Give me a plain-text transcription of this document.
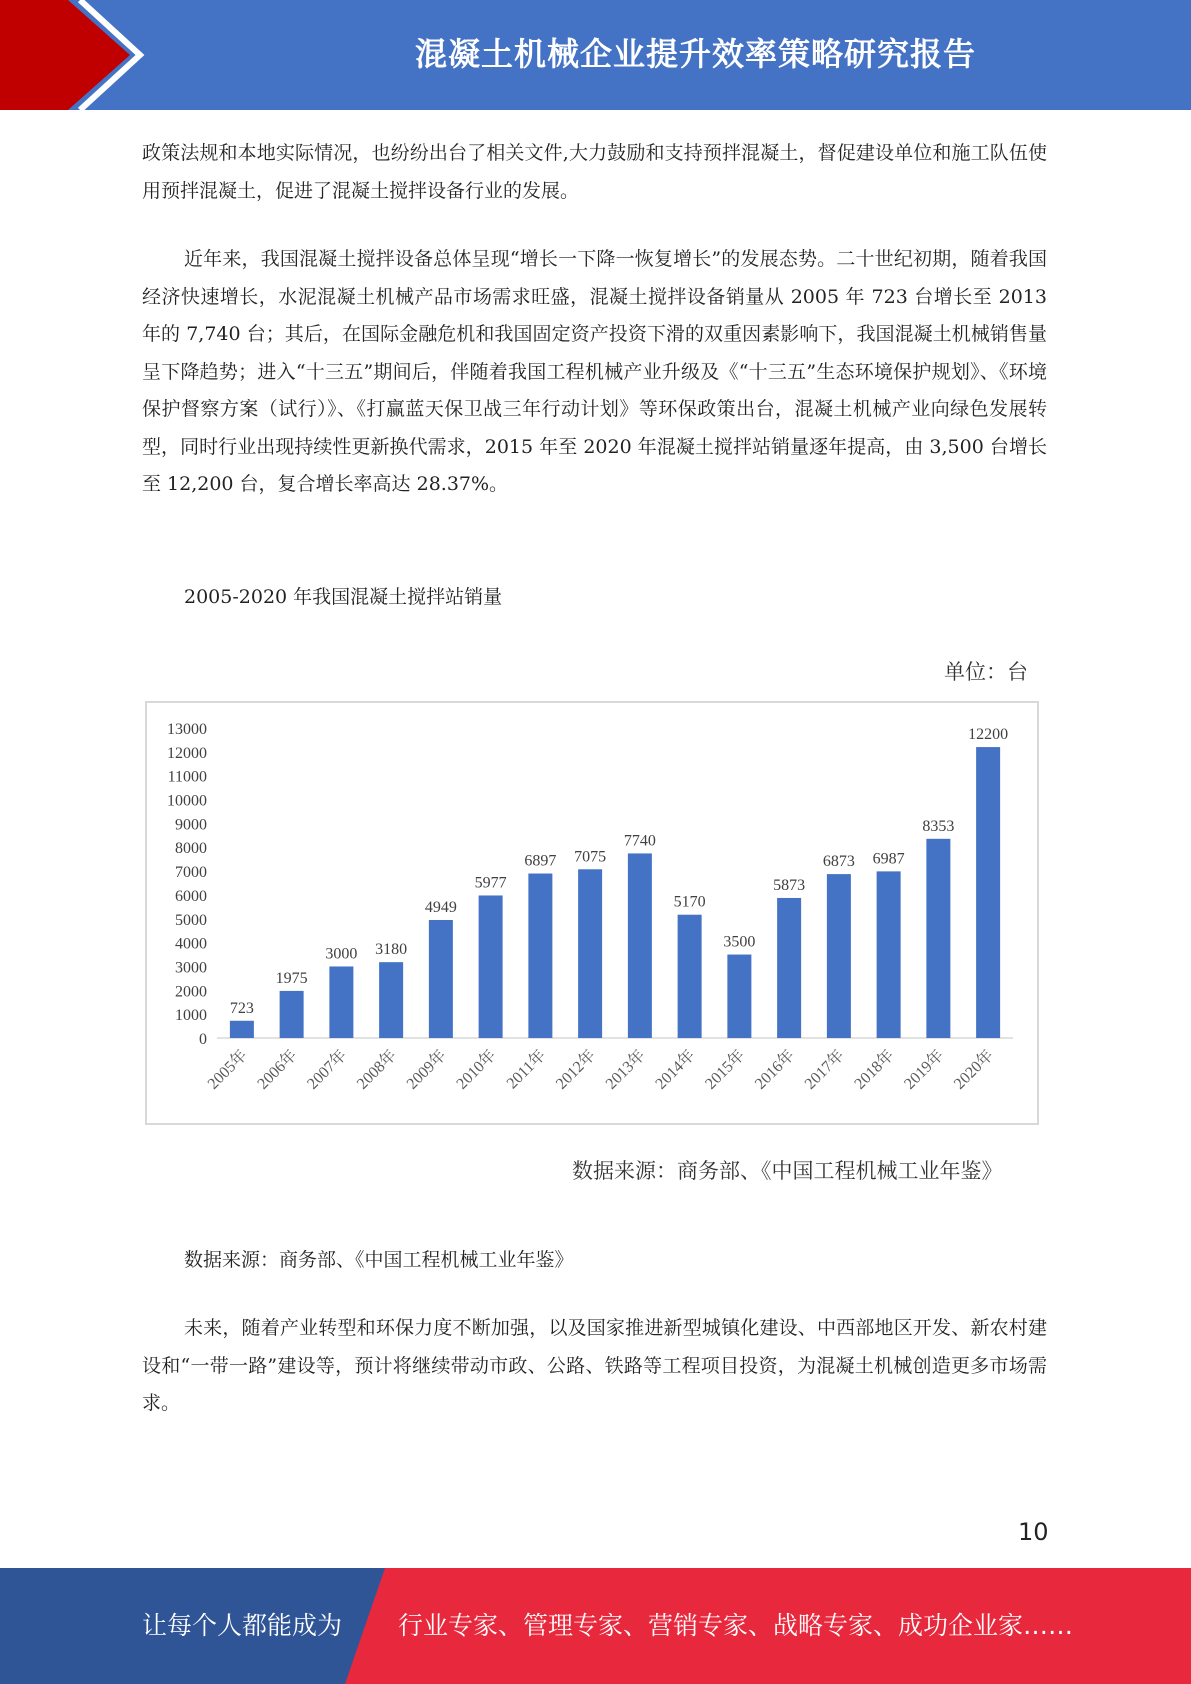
混凝土机械企业提升效率策略研究报告

政策法规和本地实际情况，也纷纷出台了相关文件,大力鼓励和支持预拌混凝土，督促建设单位和施工队伍使用预拌混凝土，促进了混凝土搅拌设备行业的发展。

近年来，我国混凝土搅拌设备总体呈现“增长一下降一恢复增长”的发展态势。二十世纪初期，随着我国经济快速增长，水泥混凝土机械产品市场需求旺盛，混凝土搅拌设备销量从 2005 年 723 台增长至 2013 年的 7,740 台；其后，在国际金融危机和我国固定资产投资下滑的双重因素影响下，我国混凝土机械销售量呈下降趋势；进入“十三五”期间后，伴随着我国工程机械产业升级及《“十三五”生态环境保护规划》、《环境保护督察方案（试行）》、《打赢蓝天保卫战三年行动计划》等环保政策出台，混凝土机械产业向绿色发展转型，同时行业出现持续性更新换代需求，2015 年至 2020 年混凝土搅拌站销量逐年提高，由 3,500 台增长至 12,200 台，复合增长率高达 28.37%。

2005-2020 年我国混凝土搅拌站销量
单位：台
0
1000
2000
3000
4000
5000
6000
7000
8000
9000
10000
11000
12000
13000
723
2005年
1975
2006年
3000
2007年
3180
2008年
4949
2009年
5977
2010年
6897
2011年
7075
2012年
7740
2013年
5170
2014年
3500
2015年
5873
2016年
6873
2017年
6987
2018年
8353
2019年
12200
2020年
数据来源：商务部、《中国工程机械工业年鉴》
数据来源：商务部、《中国工程机械工业年鉴》

未来，随着产业转型和环保力度不断加强，以及国家推进新型城镇化建设、中西部地区开发、新农村建设和“一带一路”建设等，预计将继续带动市政、公路、铁路等工程项目投资，为混凝土机械创造更多市场需求。

10
让每个人都能成为 行业专家、管理专家、营销专家、战略专家、成功企业家……
